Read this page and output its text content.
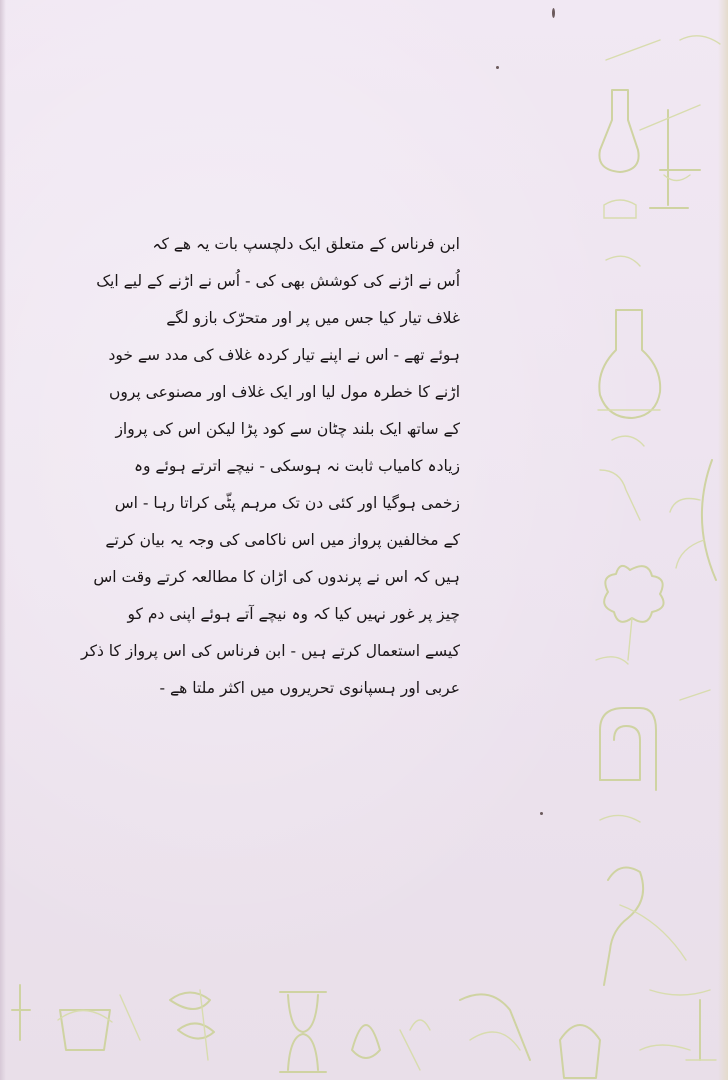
ابن فرناس کے متعلق ایک دلچسپ بات یہ ھے کہ
اُس نے اڑنے کی کوشش بھی کی - اُس نے اڑنے کے لیے ایک
غلاف تیار کیا جس میں پر اور متحرّک بازو لگے
ہوئے تھے - اس نے اپنے تیار کردہ غلاف کی مدد سے خود
اڑنے کا خطرہ مول لیا اور ایک غلاف اور مصنوعی پروں
کے ساتھ ایک بلند چٹان سے کود پڑا لیکن اس کی پرواز
زیادہ کامیاب ثابت نہ ہوسکی - نیچے اترتے ہوئے وہ
زخمی ہوگیا اور کئی دن تک مرہم پٹّی کراتا رہا - اس
کے مخالفین پرواز میں اس ناکامی کی وجہ یہ بیان کرتے
ہیں کہ اس نے پرندوں کی اڑان کا مطالعہ کرتے وقت اس
چیز پر غور نہیں کیا کہ وہ نیچے آتے ہوئے اپنی دم کو
کیسے استعمال کرتے ہیں - ابن فرناس کی اس پرواز کا ذکر
عربی اور ہسپانوی تحریروں میں اکثر ملتا ھے -
